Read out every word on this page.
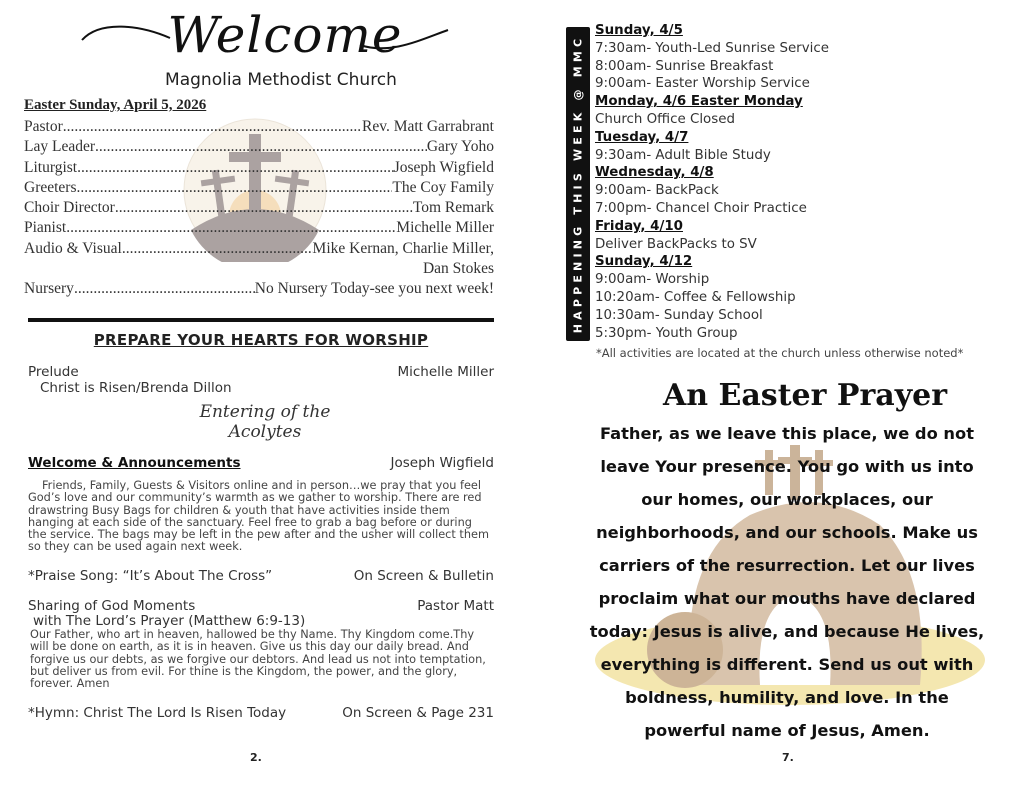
Welcome
Magnolia Methodist Church
Easter Sunday, April 5, 2026
Pastor .....	Rev. Matt Garrabrant
Lay Leader .....	Gary Yoho
Liturgist .....	Joseph Wigfield
Greeters .....	The Coy Family
Choir Director .....	Tom Remark
Pianist .....	Michelle Miller
Audio & Visual .....	Mike Kernan, Charlie Miller,
Dan Stokes
Nursery .....	No Nursery Today-see you next week!
PREPARE YOUR HEARTS FOR WORSHIP
Prelude	Michelle Miller
Christ is Risen/Brenda Dillon
Entering of the Acolytes
Welcome & Announcements	Joseph Wigfield
Friends, Family, Guests & Visitors online and in person…we pray that you feel God’s love and our community’s warmth as we gather to worship. There are red drawstring Busy Bags for children & youth that have activities inside them hanging at each side of the sanctuary. Feel free to grab a bag before or during the service. The bags may be left in the pew after and the usher will collect them so they can be used again next week.
*Praise Song: “It’s About The Cross”	On Screen & Bulletin
Sharing of God Moments	Pastor Matt
with The Lord’s Prayer (Matthew 6:9-13)
Our Father, who art in heaven, hallowed be thy Name. Thy Kingdom come.Thy will be done on earth, as it is in heaven. Give us this day our daily bread. And forgive us our debts, as we forgive our debtors. And lead us not into temptation, but deliver us from evil. For thine is the Kingdom, the power, and the glory, forever. Amen
*Hymn: Christ The Lord Is Risen Today	On Screen & Page 231
2.
HAPPENING THIS WEEK @ MMC
Sunday, 4/5
7:30am- Youth-Led Sunrise Service
8:00am- Sunrise Breakfast
9:00am- Easter Worship Service
Monday, 4/6 Easter Monday
Church Office Closed
Tuesday, 4/7
9:30am- Adult Bible Study
Wednesday, 4/8
9:00am- BackPack
7:00pm- Chancel Choir Practice
Friday, 4/10
Deliver BackPacks to SV
Sunday, 4/12
9:00am- Worship
10:20am- Coffee & Fellowship
10:30am- Sunday School
5:30pm- Youth Group
*All activities are located at the church unless otherwise noted*
An Easter Prayer
Father, as we leave this place, we do not leave Your presence. You go with us into our homes, our workplaces, our neighborhoods, and our schools. Make us carriers of the resurrection. Let our lives proclaim what our mouths have declared today: Jesus is alive, and because He lives, everything is different. Send us out with boldness, humility, and love. In the powerful name of Jesus, Amen.
7.
